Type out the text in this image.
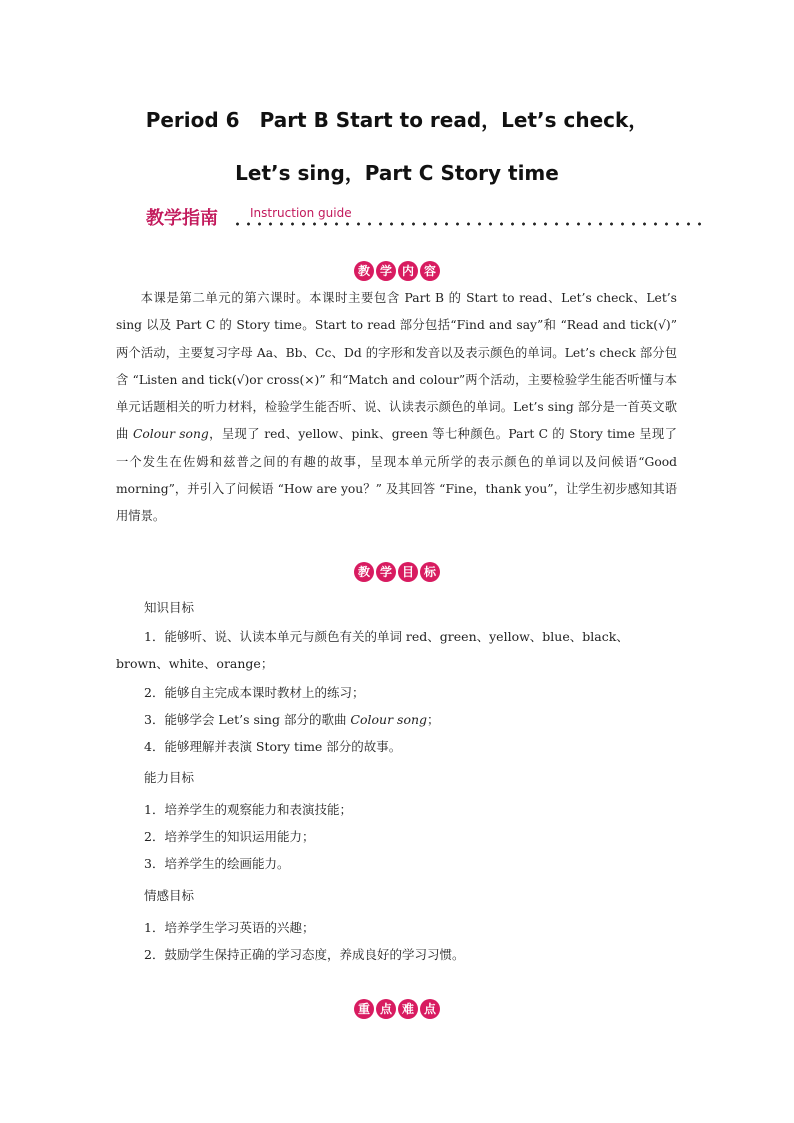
Period 6　Part B Start to read，Let’s check，
Let’s sing，Part C Story time
教学指南	Instruction guide
教 学 内 容

本课是第二单元的第六课时。本课时主要包含 Part B 的 Start to read、Let’s check、Let’s sing 以及 Part C 的 Story time。Start to read 部分包括“Find and say”和 “Read and tick(√)” 两个活动，主要复习字母 Aa、Bb、Cc、Dd 的字形和发音以及表示颜色的单词。Let’s check 部分包含 “Listen and tick(√)or cross(×)” 和“Match and colour”两个活动，主要检验学生能否听懂与本单元话题相关的听力材料，检验学生能否听、说、认读表示颜色的单词。Let’s sing 部分是一首英文歌曲 Colour song，呈现了 red、yellow、pink、green 等七种颜色。Part C 的 Story time 呈现了一个发生在佐姆和兹普之间的有趣的故事，呈现本单元所学的表示颜色的单词以及问候语“Good morning”，并引入了问候语 “How are you？” 及其回答 “Fine，thank you”，让学生初步感知其语用情景。

教 学 目 标
知识目标

1．能够听、说、认读本单元与颜色有关的单词 red、green、yellow、blue、black、brown、white、orange；

2．能够自主完成本课时教材上的练习；
3．能够学会 Let’s sing 部分的歌曲 Colour song；
4．能够理解并表演 Story time 部分的故事。
能力目标
1．培养学生的观察能力和表演技能；
2．培养学生的知识运用能力；
3．培养学生的绘画能力。
情感目标
1．培养学生学习英语的兴趣；
2．鼓励学生保持正确的学习态度，养成良好的学习习惯。
重 点 难 点
